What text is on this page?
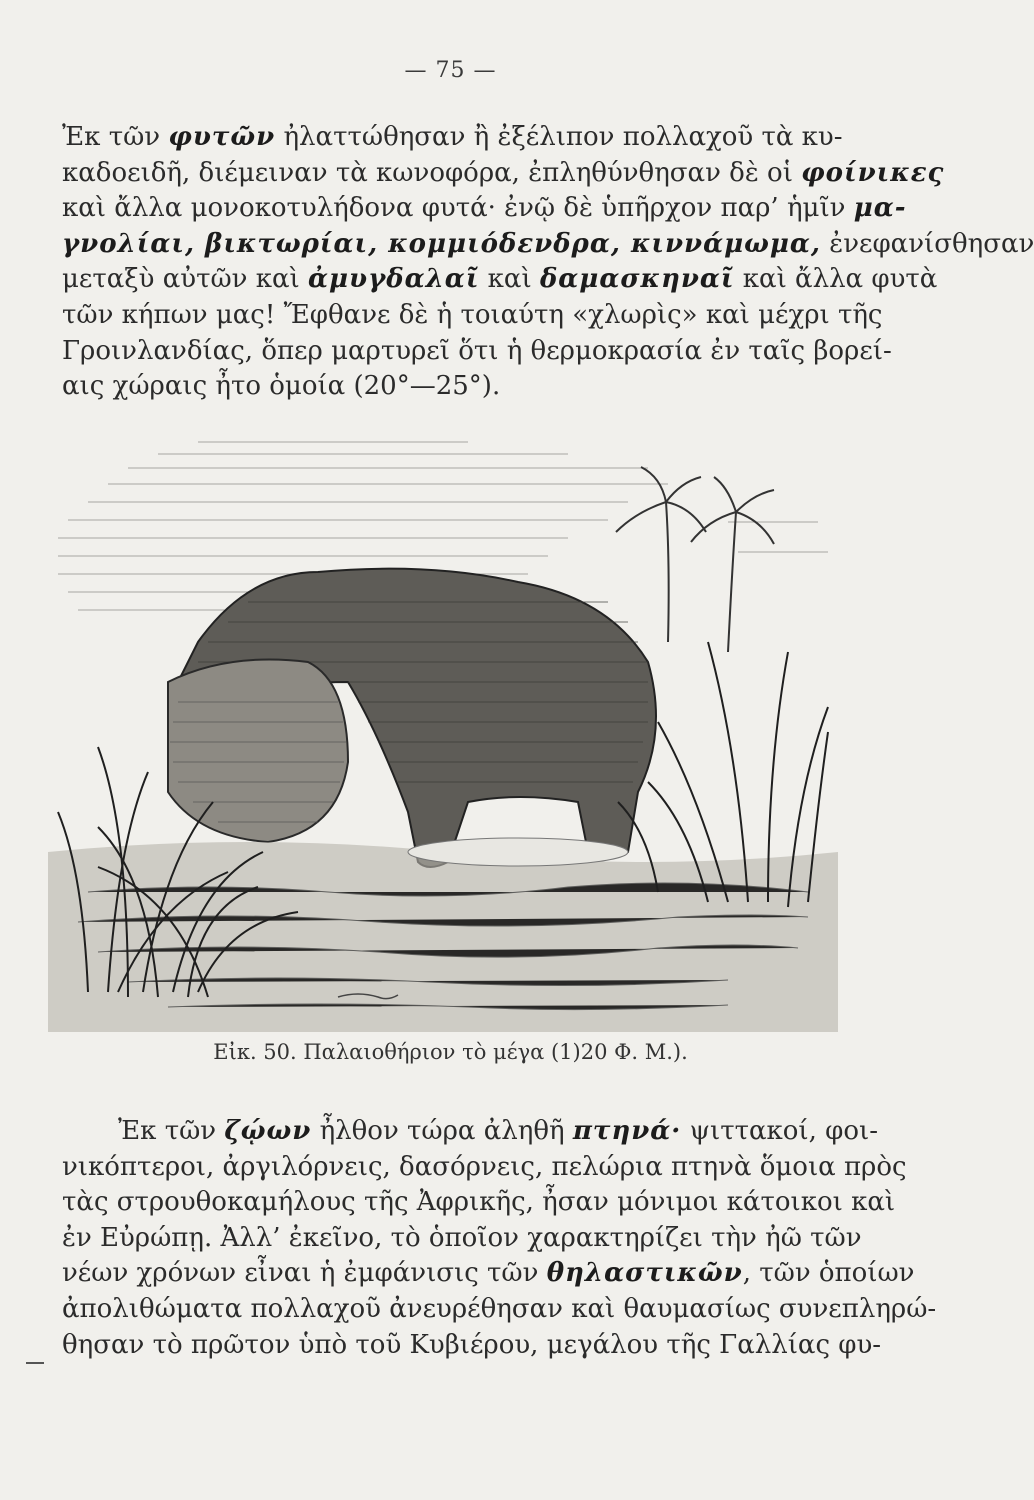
— 75 —
Ἐκ τῶν φυτῶν ἠλαττώθησαν ἢ ἐξέλιπον πολλαχοῦ τὰ κυ-
καδοειδῆ, διέμειναν τὰ κωνοφόρα, ἐπληθύνθησαν δὲ οἱ φοίνικες
καὶ ἄλλα μονοκοτυλήδονα φυτά· ἐνῷ δὲ ὑπῆρχον παρ’ ἡμῖν μα-
γνολίαι, βικτωρίαι, κομμιόδενδρα, κιννάμωμα, ἐνεφανίσθησαν
μεταξὺ αὐτῶν καὶ ἀμυγδαλαῖ καὶ δαμασκηναῖ καὶ ἄλλα φυτὰ
τῶν κήπων μας! Ἔφθανε δὲ ἡ τοιαύτη «χλωρὶς» καὶ μέχρι τῆς
Γροινλανδίας, ὅπερ μαρτυρεῖ ὅτι ἡ θερμοκρασία ἐν ταῖς βορεί-
αις χώραις ἦτο ὁμοία (20°—25°).
Εἰκ. 50. Παλαιοθήριον τὸ μέγα (1)20 Φ. Μ.).
Ἐκ τῶν ζῴων ἦλθον τώρα ἀληθῆ πτηνά· ψιττακοί, φοι-
νικόπτεροι, ἀργιλόρνεις, δασόρνεις, πελώρια πτηνὰ ὅμοια πρὸς
τὰς στρουθοκαμήλους τῆς Ἀφρικῆς, ἦσαν μόνιμοι κάτοικοι καὶ
ἐν Εὐρώπῃ. Ἀλλ’ ἐκεῖνο, τὸ ὁποῖον χαρακτηρίζει τὴν ἠῶ τῶν
νέων χρόνων εἶναι ἡ ἐμφάνισις τῶν θηλαστικῶν, τῶν ὁποίων
ἀπολιθώματα πολλαχοῦ ἀνευρέθησαν καὶ θαυμασίως συνεπληρώ-
θησαν τὸ πρῶτον ὑπὸ τοῦ Κυβιέρου, μεγάλου τῆς Γαλλίας φυ-
